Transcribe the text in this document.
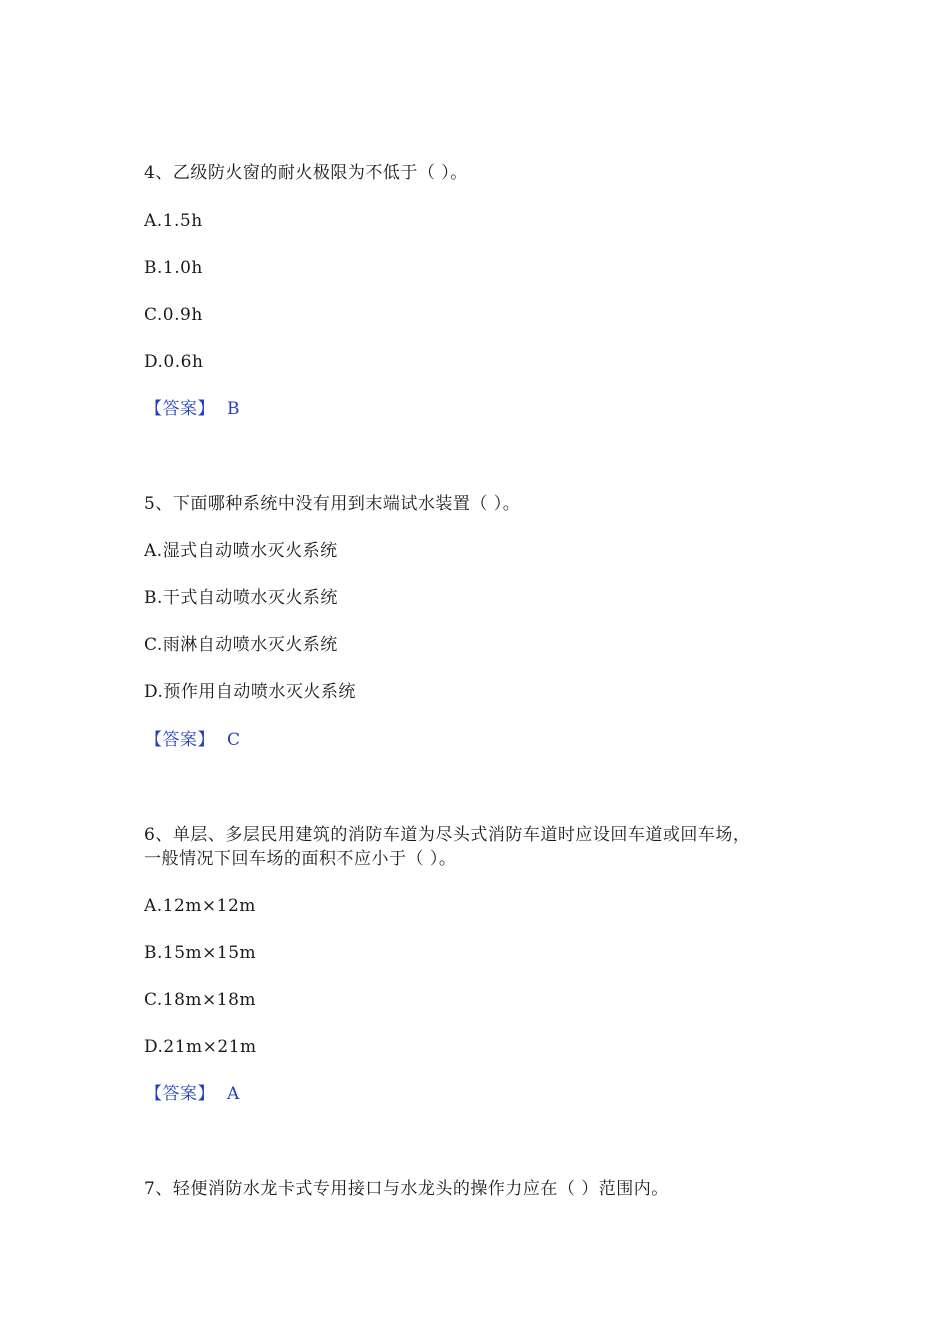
4、乙级防火窗的耐火极限为不低于（ ）。
A.1.5h
B.1.0h
C.0.9h
D.0.6h
【答案】 B
5、下面哪种系统中没有用到末端试水装置（ ）。
A.湿式自动喷水灭火系统
B.干式自动喷水灭火系统
C.雨淋自动喷水灭火系统
D.预作用自动喷水灭火系统
【答案】 C
6、单层、多层民用建筑的消防车道为尽头式消防车道时应设回车道或回车场，
一般情况下回车场的面积不应小于（ ）。
A.12m×12m
B.15m×15m
C.18m×18m
D.21m×21m
【答案】 A
7、轻便消防水龙卡式专用接口与水龙头的操作力应在（ ）范围内。
